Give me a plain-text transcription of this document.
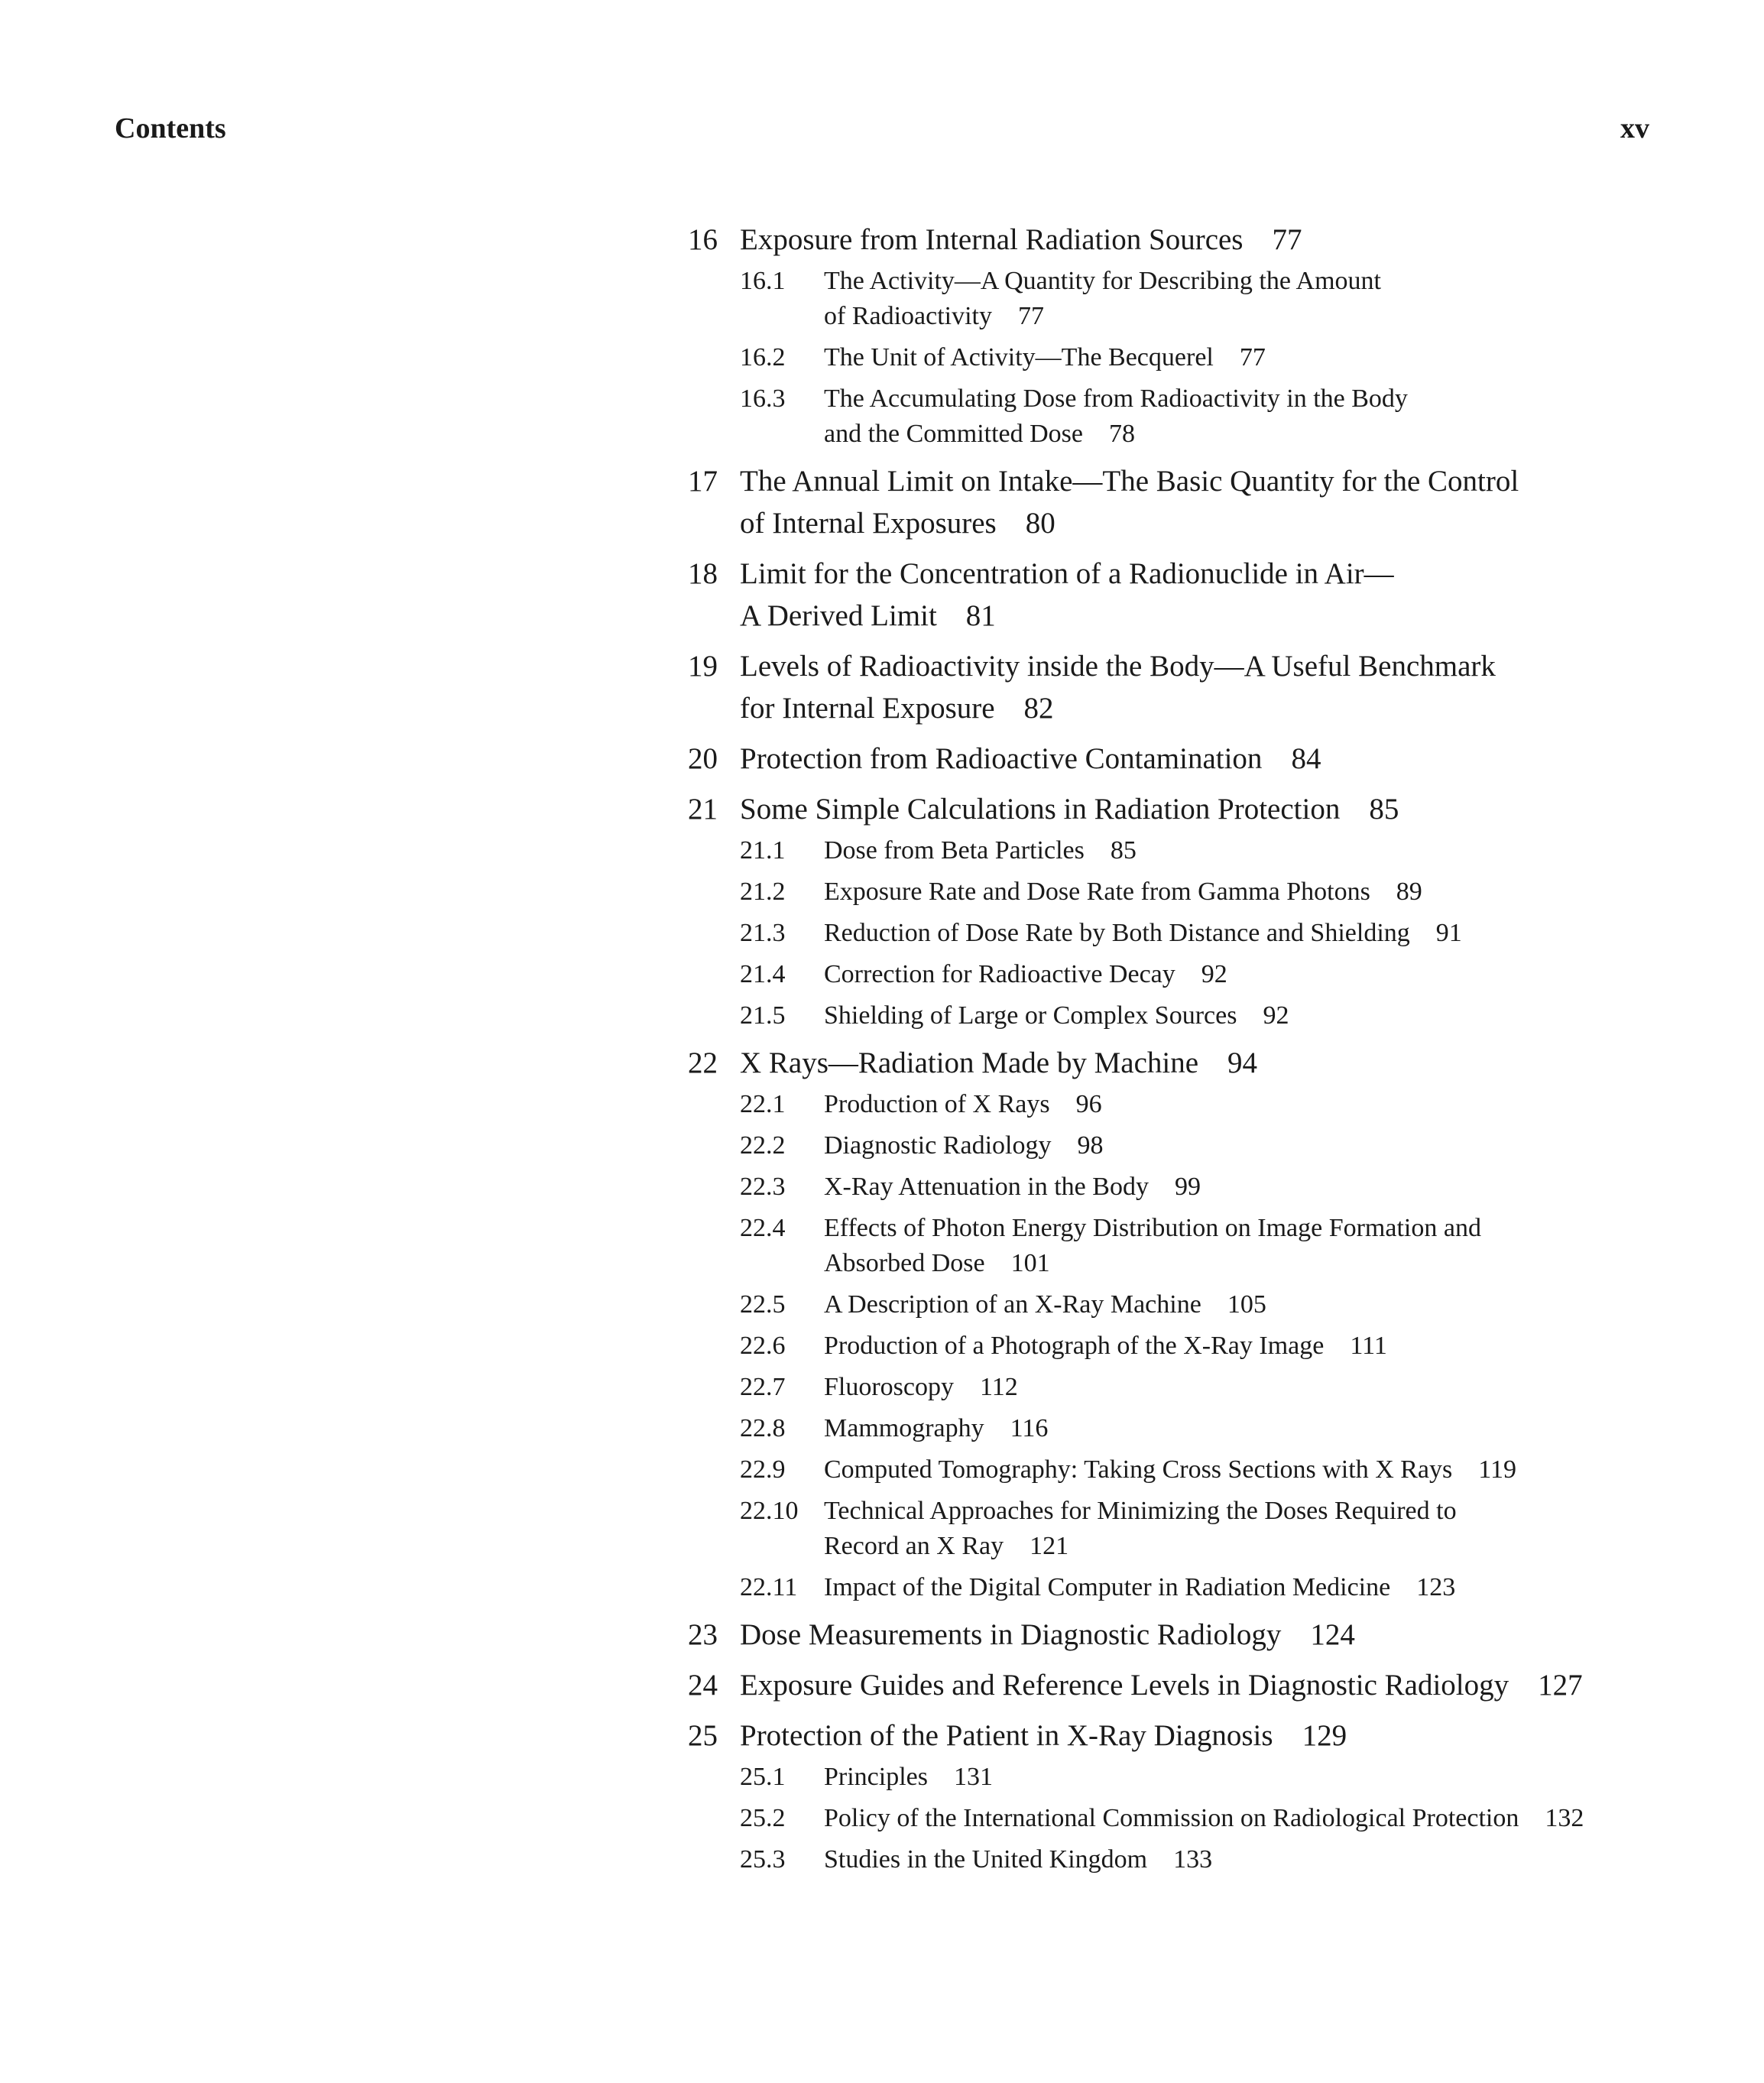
Contents	xv
16 Exposure from Internal Radiation Sources 77
16.1 The Activity—A Quantity for Describing the Amount
of Radioactivity 77
16.2 The Unit of Activity—The Becquerel 77
16.3 The Accumulating Dose from Radioactivity in the Body
and the Committed Dose 78
17 The Annual Limit on Intake—The Basic Quantity for the Control
of Internal Exposures 80
18 Limit for the Concentration of a Radionuclide in Air—
A Derived Limit 81
19 Levels of Radioactivity inside the Body—A Useful Benchmark
for Internal Exposure 82
20 Protection from Radioactive Contamination 84
21 Some Simple Calculations in Radiation Protection 85
21.1 Dose from Beta Particles 85
21.2 Exposure Rate and Dose Rate from Gamma Photons 89
21.3 Reduction of Dose Rate by Both Distance and Shielding 91
21.4 Correction for Radioactive Decay 92
21.5 Shielding of Large or Complex Sources 92
22 X Rays—Radiation Made by Machine 94
22.1 Production of X Rays 96
22.2 Diagnostic Radiology 98
22.3 X-Ray Attenuation in the Body 99
22.4 Effects of Photon Energy Distribution on Image Formation and
Absorbed Dose 101
22.5 A Description of an X-Ray Machine 105
22.6 Production of a Photograph of the X-Ray Image 111
22.7 Fluoroscopy 112
22.8 Mammography 116
22.9 Computed Tomography: Taking Cross Sections with X Rays 119
22.10 Technical Approaches for Minimizing the Doses Required to
Record an X Ray 121
22.11 Impact of the Digital Computer in Radiation Medicine 123
23 Dose Measurements in Diagnostic Radiology 124
24 Exposure Guides and Reference Levels in Diagnostic Radiology 127
25 Protection of the Patient in X-Ray Diagnosis 129
25.1 Principles 131
25.2 Policy of the International Commission on Radiological Protection 132
25.3 Studies in the United Kingdom 133
